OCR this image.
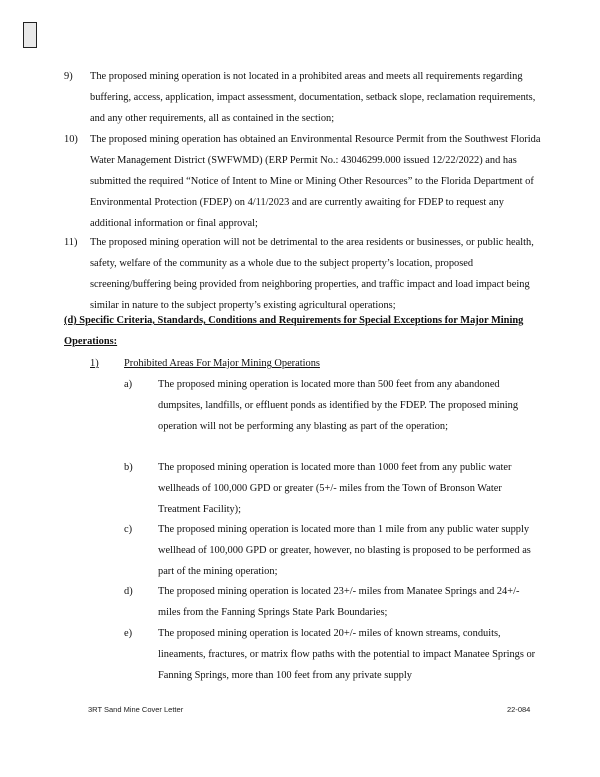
9)	The proposed mining operation is not located in a prohibited areas and meets all requirements regarding buffering, access, application, impact assessment, documentation, setback slope, reclamation requirements, and any other requirements, all as contained in the section;
10)	The proposed mining operation has obtained an Environmental Resource Permit from the Southwest Florida Water Management District (SWFWMD) (ERP Permit No.: 43046299.000 issued 12/22/2022) and has submitted the required “Notice of Intent to Mine or Mining Other Resources” to the Florida Department of Environmental Protection (FDEP) on 4/11/2023 and are currently awaiting for FDEP to request any additional information or final approval;
11)	The proposed mining operation will not be detrimental to the area residents or businesses, or public health, safety, welfare of the community as a whole due to the subject property’s location, proposed screening/buffering being provided from neighboring properties, and traffic impact and load impact being similar in nature to the subject property’s existing agricultural operations;
(d) Specific Criteria, Standards, Conditions and Requirements for Special Exceptions for Major Mining Operations:
1) Prohibited Areas For Major Mining Operations
a)	The proposed mining operation is located more than 500 feet from any abandoned dumpsites, landfills, or effluent ponds as identified by the FDEP. The proposed mining operation will not be performing any blasting as part of the operation;
b)	The proposed mining operation is located more than 1000 feet from any public water wellheads of 100,000 GPD or greater (5+/- miles from the Town of Bronson Water Treatment Facility);
c)	The proposed mining operation is located more than 1 mile from any public water supply wellhead of 100,000 GPD or greater, however, no blasting is proposed to be performed as part of the mining operation;
d)	The proposed mining operation is located 23+/- miles from Manatee Springs and 24+/- miles from the Fanning Springs State Park Boundaries;
e)	The proposed mining operation is located 20+/- miles of known streams, conduits, lineaments, fractures, or matrix flow paths with the potential to impact Manatee Springs or Fanning Springs, more than 100 feet from any private supply
3RT Sand Mine Cover Letter	22-084
